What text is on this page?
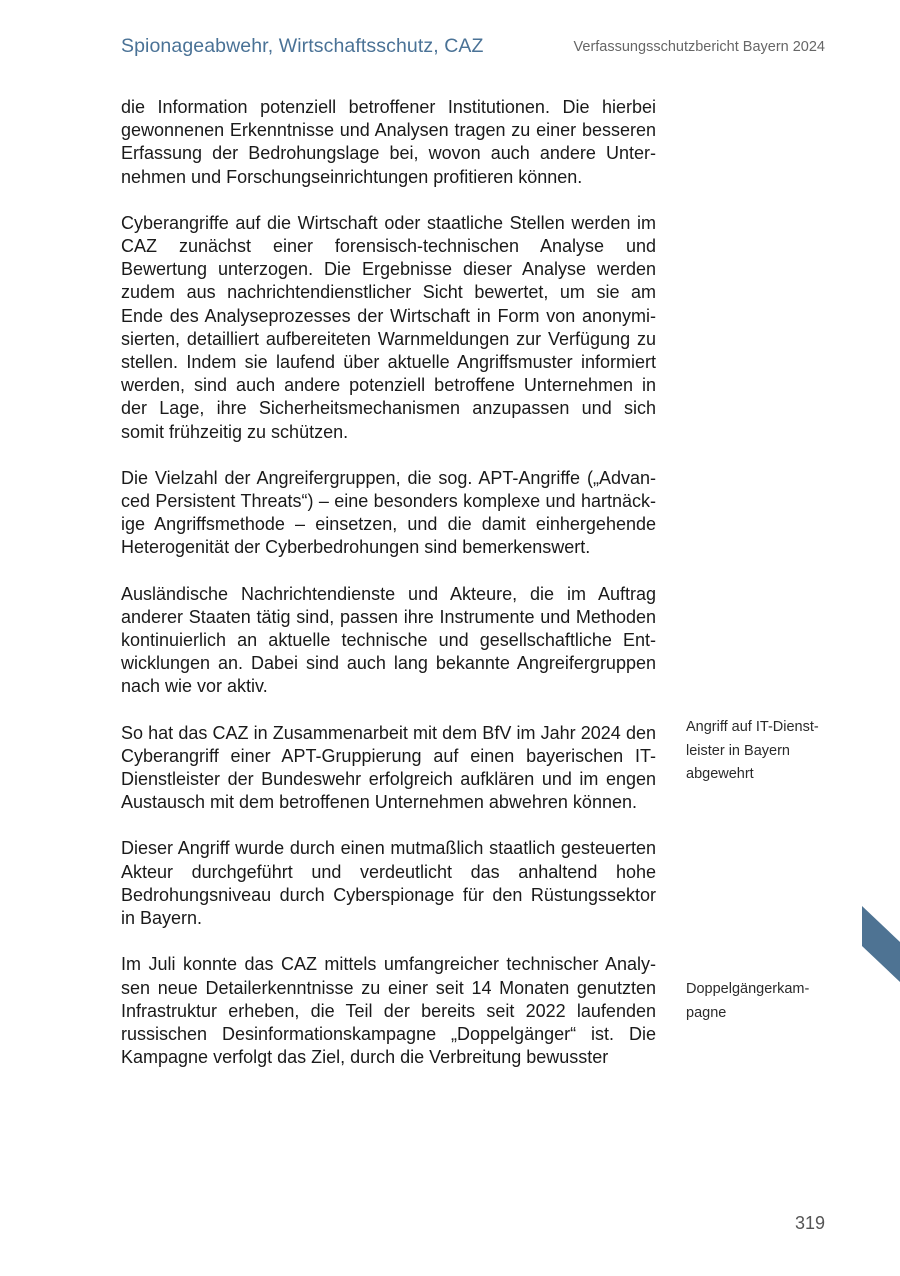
Spionageabwehr, Wirtschaftsschutz, CAZ	Verfassungsschutzbericht Bayern 2024

die Information potenziell betroffener Institutionen. Die hierbei gewonnenen Erkenntnisse und Analysen tragen zu einer besseren Erfassung der Bedrohungslage bei, wovon auch andere Unternehmen und Forschungseinrichtungen profitieren können.

Cyberangriffe auf die Wirtschaft oder staatliche Stellen werden im CAZ zunächst einer forensisch-technischen Analyse und Bewertung unterzogen. Die Ergebnisse dieser Analyse werden zudem aus nachrichtendienstlicher Sicht bewertet, um sie am Ende des Analyseprozesses der Wirtschaft in Form von anonymisierten, detailliert aufbereiteten Warnmeldungen zur Verfügung zu stellen. Indem sie laufend über aktuelle Angriffsmuster informiert werden, sind auch andere potenziell betroffene Unternehmen in der Lage, ihre Sicherheitsmechanismen anzupassen und sich somit frühzeitig zu schützen.

Die Vielzahl der Angreifergruppen, die sog. APT-Angriffe („Advanced Persistent Threats“) – eine besonders komplexe und hartnäckige Angriffsmethode – einsetzen, und die damit einhergehende Heterogenität der Cyberbedrohungen sind bemerkenswert.

Ausländische Nachrichtendienste und Akteure, die im Auftrag anderer Staaten tätig sind, passen ihre Instrumente und Methoden kontinuierlich an aktuelle technische und gesellschaftliche Entwicklungen an. Dabei sind auch lang bekannte Angreifergruppen nach wie vor aktiv.

So hat das CAZ in Zusammenarbeit mit dem BfV im Jahr 2024 den Cyberangriff einer APT-Gruppierung auf einen bayerischen IT-Dienstleister der Bundeswehr erfolgreich aufklären und im engen Austausch mit dem betroffenen Unternehmen abwehren können.

Dieser Angriff wurde durch einen mutmaßlich staatlich gesteuerten Akteur durchgeführt und verdeutlicht das anhaltend hohe Bedrohungsniveau durch Cyberspionage für den Rüstungssektor in Bayern.

Im Juli konnte das CAZ mittels umfangreicher technischer Analysen neue Detailerkenntnisse zu einer seit 14 Monaten genutzten Infrastruktur erheben, die Teil der bereits seit 2022 laufenden russischen Desinformationskampagne „Doppelgänger“ ist. Die Kampagne verfolgt das Ziel, durch die Verbreitung bewusster

Angriff auf IT-Dienstleister in Bayern abgewehrt
Doppelgängerkampagne
319
